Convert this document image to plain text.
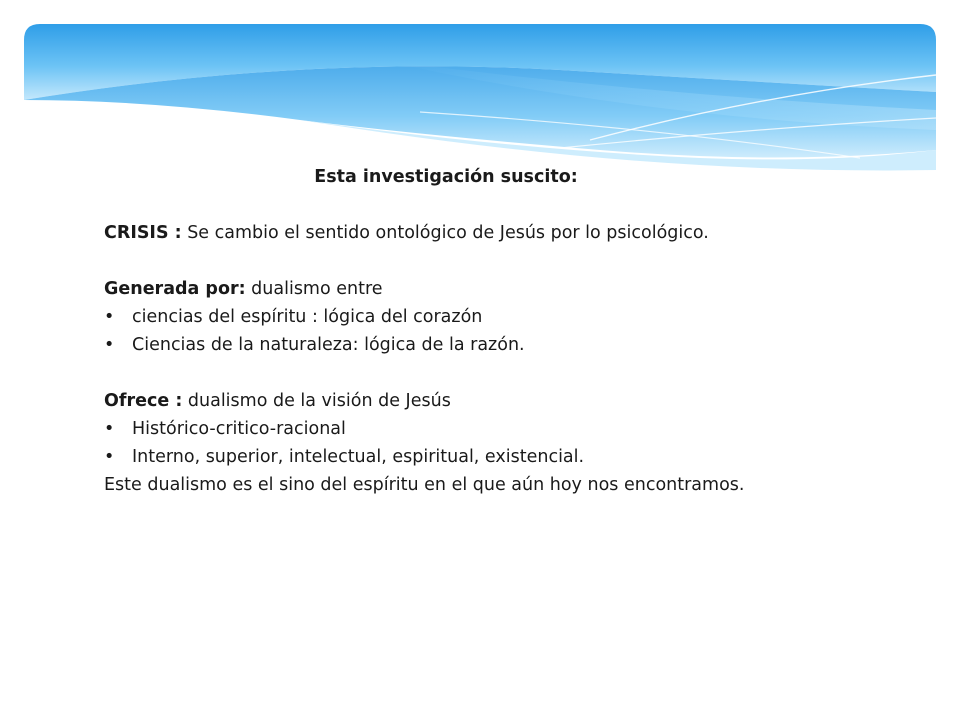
Esta investigación suscito:

CRISIS : Se cambio el sentido ontológico de Jesús por lo psicológico.

Generada por: dualismo entre

• ciencias del espíritu : lógica del corazón

• Ciencias de la naturaleza: lógica de la razón.

Ofrece : dualismo de la visión de Jesús

• Histórico-critico-racional

• Interno, superior, intelectual, espiritual, existencial.

Este dualismo es el sino del espíritu en el que aún hoy nos encontramos.
